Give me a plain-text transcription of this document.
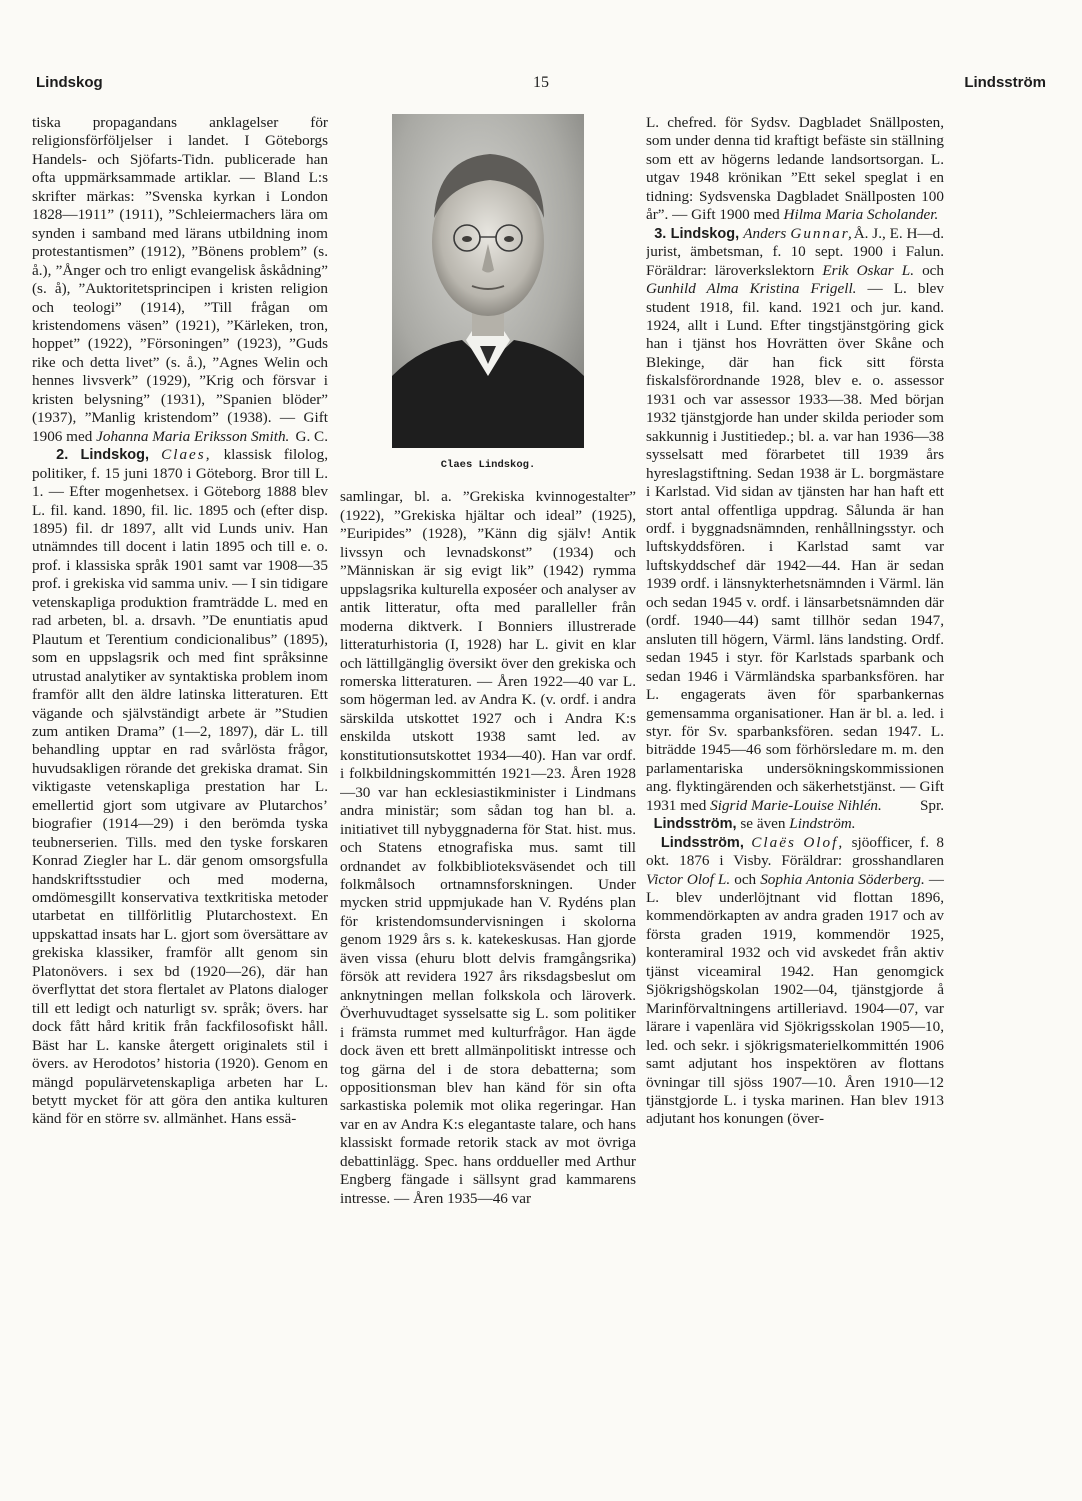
15
Lindskog	Lindsström

tiska propagandans anklagelser för religionsförföljelser i landet. I Göteborgs Handels- och Sjöfarts-Tidn. publicerade han ofta uppmärksammade artiklar. — Bland L:s skrifter märkas: ”Svenska kyrkan i London 1828—1911” (1911), ”Schleiermachers lära om synden i samband med lärans utbildning inom protestantismen” (1912), ”Bönens problem” (s. å.), ”Ånger och tro enligt evangelisk åskådning” (s. å), ”Auktoritetsprincipen i kristen religion och teologi” (1914), ”Till frågan om kristendomens väsen” (1921), ”Kärleken, tron, hoppet” (1922), ”Försoningen” (1923), ”Guds rike och detta livet” (s. å.), ”Agnes Welin och hennes livsverk” (1929), ”Krig och försvar i kristen belysning” (1931), ”Spanien blöder” (1937), ”Manlig kristendom” (1938). — Gift 1906 med Johanna Maria Eriksson Smith. G. C.

2. Lindskog, Claes, klassisk filolog, politiker, f. 15 juni 1870 i Göteborg. Bror till L. 1. — Efter mogenhetsex. i Göteborg 1888 blev L. fil. kand. 1890, fil. lic. 1895 och (efter disp. 1895) fil. dr 1897, allt vid Lunds univ. Han utnämndes till docent i latin 1895 och till e. o. prof. i klassiska språk 1901 samt var 1908—35 prof. i grekiska vid samma univ. — I sin tidigare vetenskapliga produktion framträdde L. med en rad arbeten, bl. a. drsavh. ”De enuntiatis apud Plautum et Terentium condicionalibus” (1895), som en uppslagsrik och med fint språksinne utrustad analytiker av syntaktiska problem inom framför allt den äldre latinska litteraturen. Ett vägande och självständigt arbete är ”Studien zum antiken Drama” (1—2, 1897), där L. till behandling upptar en rad svårlösta frågor, huvudsakligen rörande det grekiska dramat. Sin viktigaste vetenskapliga prestation har L. emellertid gjort som utgivare av Plutarchos’ biografier (1914—29) i den berömda tyska teubnerserien. Tills. med den tyske forskaren Konrad Ziegler har L. där genom omsorgsfulla handskriftsstudier och med moderna, omdömesgillt konservativa textkritiska metoder utarbetat en tillförlitlig Plutarchostext. En uppskattad insats har L. gjort som översättare av grekiska klassiker, framför allt genom sin Platonövers. i sex bd (1920—26), där han överflyttat det stora flertalet av Platons dialoger till ett ledigt och naturligt sv. språk; övers. har dock fått hård kritik från fackfilosofiskt håll. Bäst har L. kanske återgett originalets stil i övers. av Herodotos’ historia (1920). Genom en mängd populärvetenskapliga arbeten har L. betytt mycket för att göra den antika kulturen känd för en större sv. allmänhet. Hans essä-

Claes Lindskog.

samlingar, bl. a. ”Grekiska kvinnogestalter” (1922), ”Grekiska hjältar och ideal” (1925), ”Euripides” (1928), ”Känn dig själv! Antik livssyn och levnadskonst” (1934) och ”Människan är sig evigt lik” (1942) rymma uppslagsrika kulturella exposéer och analyser av antik litteratur, ofta med paralleller från moderna diktverk. I Bonniers illustrerade litteraturhistoria (I, 1928) har L. givit en klar och lättillgänglig översikt över den grekiska och romerska litteraturen. — Åren 1922—40 var L. som högerman led. av Andra K. (v. ordf. i andra särskilda utskottet 1927 och i Andra K:s enskilda utskott 1938 samt led. av konstitutionsutskottet 1934—40). Han var ordf. i folkbildningskommittén 1921—23. Åren 1928—30 var han ecklesiastikminister i Lindmans andra ministär; som sådan tog han bl. a. initiativet till nybyggnaderna för Stat. hist. mus. och Statens etnografiska mus. samt till ordnandet av folkbiblioteksväsendet och till folkmålsoch ortnamnsforskningen. Under mycken strid uppmjukade han V. Rydéns plan för kristendomsundervisningen i skolorna genom 1929 års s. k. katekeskusas. Han gjorde även vissa (ehuru blott delvis framgångsrika) försök att revidera 1927 års riksdagsbeslut om anknytningen mellan folkskola och läroverk. Överhuvudtaget sysselsatte sig L. som politiker i främsta rummet med kulturfrågor. Han ägde dock även ett brett allmänpolitiskt intresse och tog gärna del i de stora debatterna; som oppositionsman blev han känd för sin ofta sarkastiska polemik mot olika regeringar. Han var en av Andra K:s elegantaste talare, och hans klassiskt formade retorik stack av mot övriga debattinlägg. Spec. hans orddueller med Arthur Engberg fängade i sällsynt grad kammarens intresse. — Åren 1935—46 var

L. chefred. för Sydsv. Dagbladet Snällposten, som under denna tid kraftigt befäste sin ställning som ett av högerns ledande landsortsorgan. L. utgav 1948 krönikan ”Ett sekel speglat i en tidning: Sydsvenska Dagbladet Snällposten 100 år”. — Gift 1900 med Hilma Maria Scholander.
Å. J., E. H—d.

3. Lindskog, Anders Gunnar, jurist, ämbetsman, f. 10 sept. 1900 i Falun. Föräldrar: läroverkslektorn Erik Oskar L. och Gunhild Alma Kristina Frigell. — L. blev student 1918, fil. kand. 1921 och jur. kand. 1924, allt i Lund. Efter tingstjänstgöring gick han i tjänst hos Hovrätten över Skåne och Blekinge, där han fick sitt första fiskalsförordnande 1928, blev e. o. assessor 1931 och var assessor 1933—38. Med början 1932 tjänstgjorde han under skilda perioder som sakkunnig i Justitiedep.; bl. a. var han 1936—38 sysselsatt med förarbetet till 1939 års hyreslagstiftning. Sedan 1938 är L. borgmästare i Karlstad. Vid sidan av tjänsten har han haft ett stort antal offentliga uppdrag. Sålunda är han ordf. i byggnadsnämnden, renhållningsstyr. och luftskyddsfören. i Karlstad samt var luftskyddschef där 1942—44. Han är sedan 1939 ordf. i länsnykterhetsnämnden i Värml. län och sedan 1945 v. ordf. i länsarbetsnämnden där (ordf. 1940—44) samt tillhör sedan 1947, ansluten till högern, Värml. läns landsting. Ordf. sedan 1945 i styr. för Karlstads sparbank och sedan 1946 i Värmländska sparbanksfören. har L. engagerats även för sparbankernas gemensamma organisationer. Han är bl. a. led. i styr. för Sv. sparbanksfören. sedan 1947. L. biträdde 1945—46 som förhörsledare m. m. den parlamentariska undersökningskommissionen ang. flyktingärenden och säkerhetstjänst. — Gift 1931 med Sigrid Marie-Louise Nihlén.	Spr.

Lindsström, se även Lindström.

Lindsström, Claës Olof, sjöofficer, f. 8 okt. 1876 i Visby. Föräldrar: grosshandlaren Victor Olof L. och Sophia Antonia Söderberg. — L. blev underlöjtnant vid flottan 1896, kommendörkapten av andra graden 1917 och av första graden 1919, kommendör 1925, konteramiral 1932 och vid avskedet från aktiv tjänst viceamiral 1942. Han genomgick Sjökrigshögskolan 1902—04, tjänstgjorde å Marinförvaltningens artilleriavd. 1904—07, var lärare i vapenlära vid Sjökrigsskolan 1905—10, led. och sekr. i sjökrigsmaterielkommittén 1906 samt adjutant hos inspektören av flottans övningar till sjöss 1907—10. Åren 1910—12 tjänstgjorde L. i tyska marinen. Han blev 1913 adjutant hos konungen (över-
